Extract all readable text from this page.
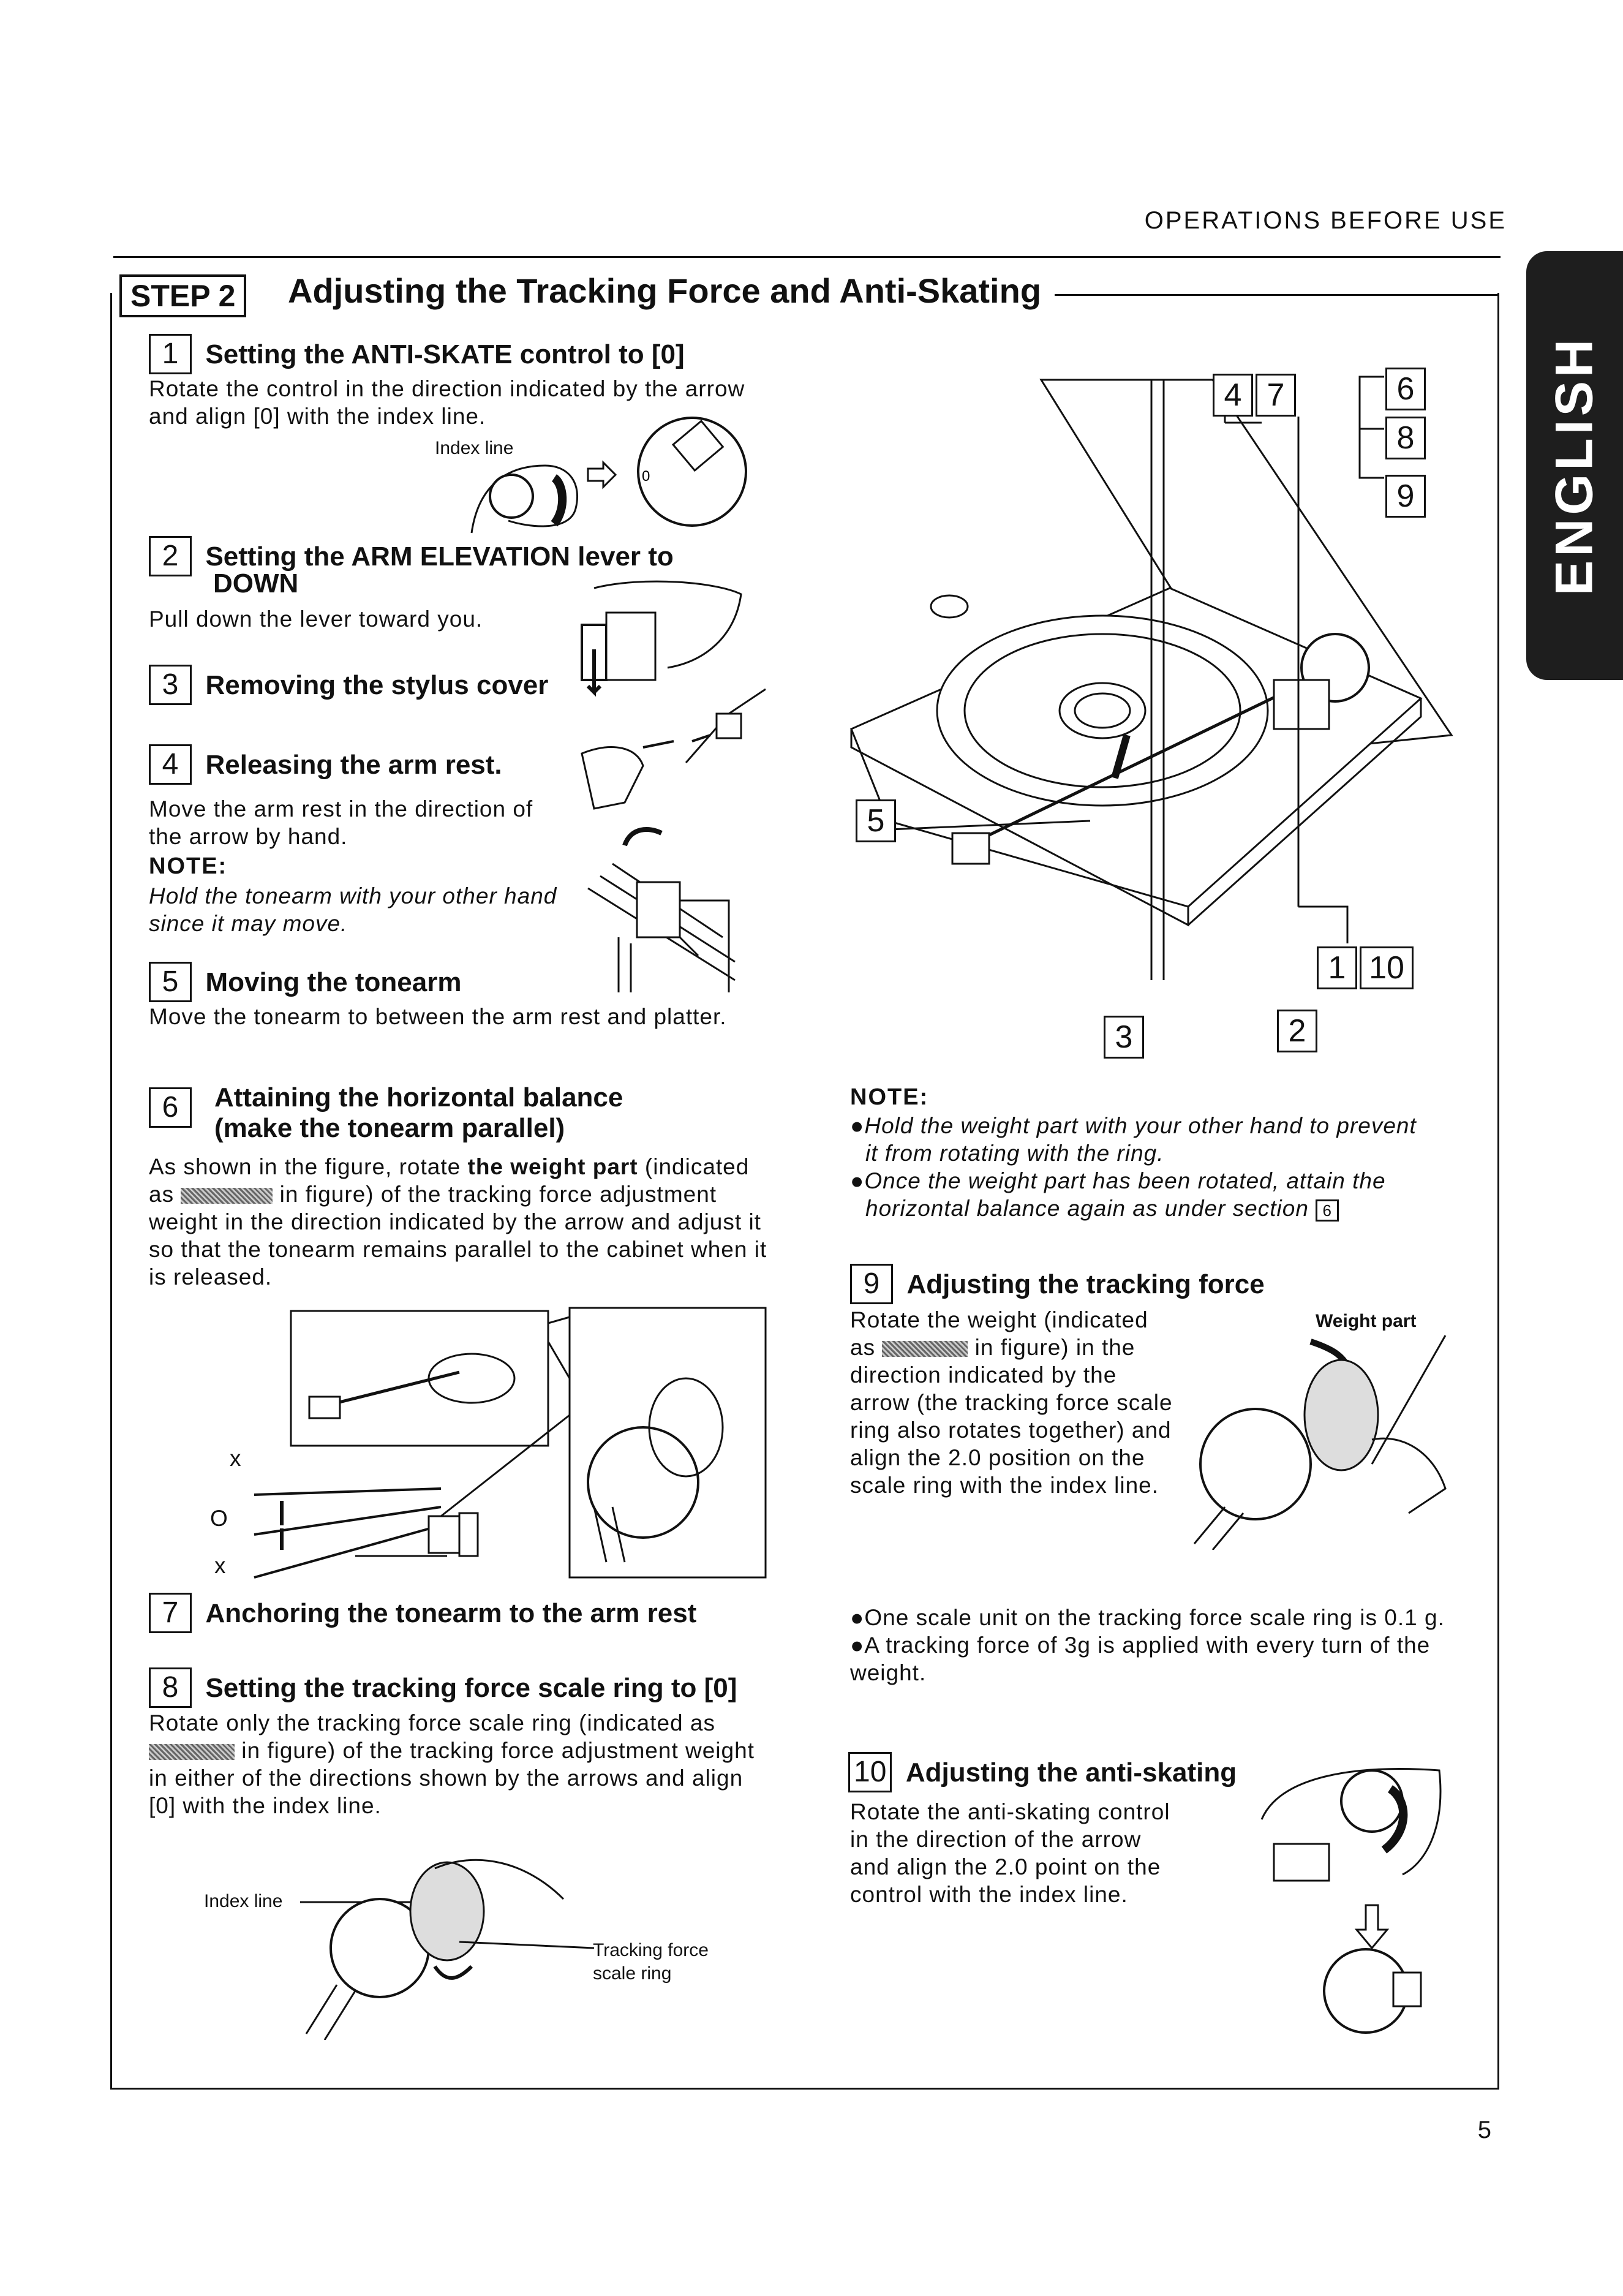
OPERATIONS BEFORE USE
STEP 2	Adjusting the Tracking Force and Anti-Skating
ENGLISH
1 Setting the ANTI-SKATE control to [0]
Rotate the control in the direction indicated by the arrow and align [0] with the index line.
Index line
0
2 Setting the ARM ELEVATION lever to
DOWN
Pull down the lever toward you.
3 Removing the stylus cover
4 Releasing the arm rest.
Move the arm rest in the direction of the arrow by hand.
NOTE:
Hold the tonearm with your other hand since it may move.
5 Moving the tonearm
Move the tonearm to between the arm rest and platter.
6	Attaining the horizontal balance
(make the tonearm parallel)
As shown in the figure, rotate the weight part (indicated as	in figure) of the tracking force adjustment weight in the direction indicated by the arrow and adjust it so that the tonearm remains parallel to the cabinet when it is released.
x
O
x
7 Anchoring the tonearm to the arm rest
8 Setting the tracking force scale ring to [0]
Rotate only the tracking force scale ring (indicated as  in figure) of the tracking force adjustment weight in either of the directions shown by the arrows and align [0] with the index line.
Index line
Tracking force
scale ring
4 7	6
8
9
5
1 10
3	2
NOTE:
●Hold the weight part with your other hand to prevent
it from rotating with the ring.
●Once the weight part has been rotated, attain the
horizontal balance again as under section 6
9 Adjusting the tracking force
Weight part
Rotate the weight (indicated
as	in figure) in the direction indicated by the arrow (the tracking force scale ring also rotates together) and align the 2.0 position on the scale ring with the index line.
●One scale unit on the tracking force scale ring is 0.1 g.
●A tracking force of 3g is applied with every turn of the weight.
10 Adjusting the anti-skating
Rotate the anti-skating control in the direction of the arrow and align the 2.0 point on the control with the index line.
5
